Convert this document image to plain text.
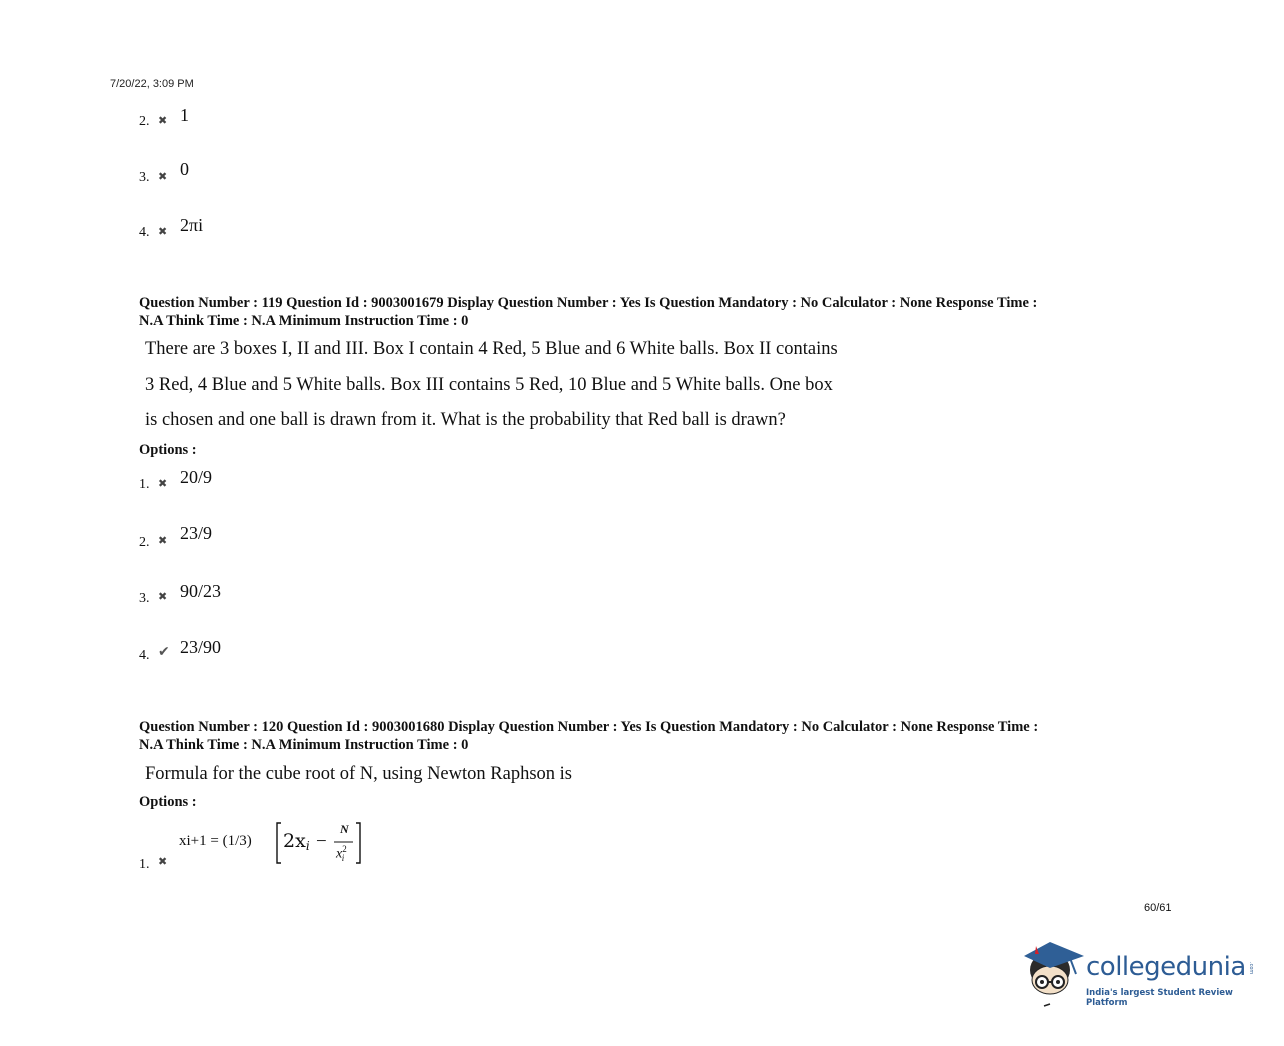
7/20/22, 3:09 PM
2. ✖ 1
3. ✖ 0
4. ✖ 2πi
Question Number : 119 Question Id : 9003001679 Display Question Number : Yes Is Question Mandatory : No Calculator : None Response Time :
N.A Think Time : N.A Minimum Instruction Time : 0
There are 3 boxes I, II and III. Box I contain 4 Red, 5 Blue and 6 White balls. Box II contains
3 Red, 4 Blue and 5 White balls. Box III contains 5 Red, 10 Blue and 5 White balls. One box
is chosen and one ball is drawn from it. What is the probability that Red ball is drawn?
Options :
1. ✖ 20/9
2. ✖ 23/9
3. ✖ 90/23
4. ✔ 23/90
Question Number : 120 Question Id : 9003001680 Display Question Number : Yes Is Question Mandatory : No Calculator : None Response Time :
N.A Think Time : N.A Minimum Instruction Time : 0
Formula for the cube root of N, using Newton Raphson is
Options :
1. ✖
xi+1 = (1/3) 2xi −
N
$x^2_i$
60/61
collegedunia .com
India's largest Student Review Platform
